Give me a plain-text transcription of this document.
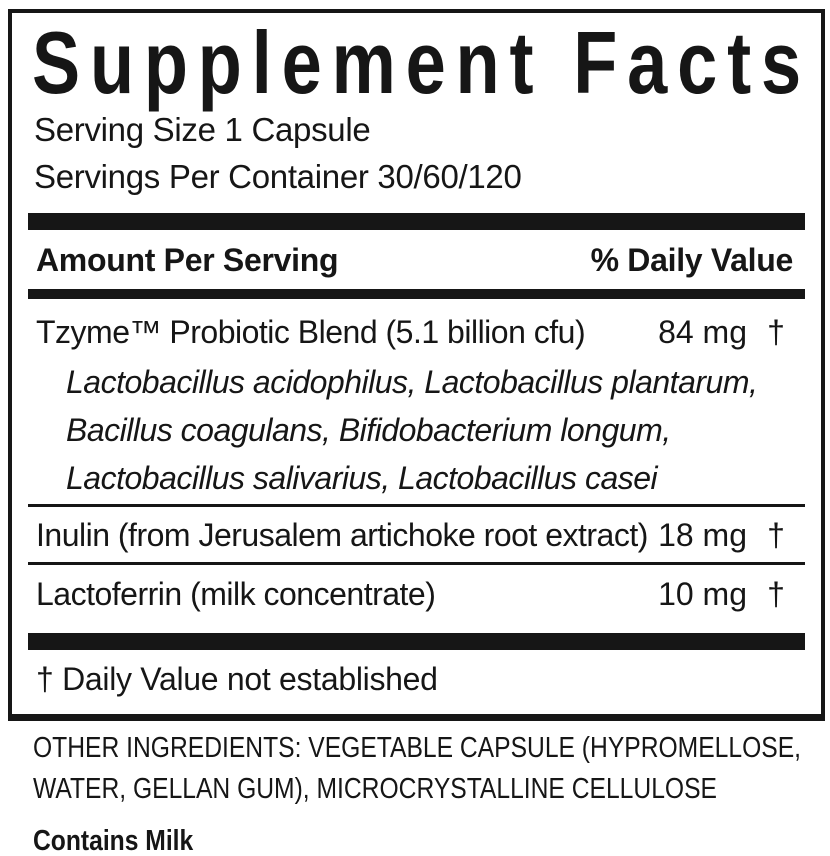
Supplement Facts
Serving Size 1 Capsule
Servings Per Container 30/60/120
Amount Per Serving	% Daily Value
Tzyme™ Probiotic Blend (5.1 billion cfu)	84 mg †
Lactobacillus acidophilus, Lactobacillus plantarum,
Bacillus coagulans, Bifidobacterium longum,
Lactobacillus salivarius, Lactobacillus casei
Inulin (from Jerusalem artichoke root extract) 18 mg †
Lactoferrin (milk concentrate)	10 mg †
† Daily Value not established
OTHER INGREDIENTS: VEGETABLE CAPSULE (HYPROMELLOSE,
WATER, GELLAN GUM), MICROCRYSTALLINE CELLULOSE
Contains Milk
